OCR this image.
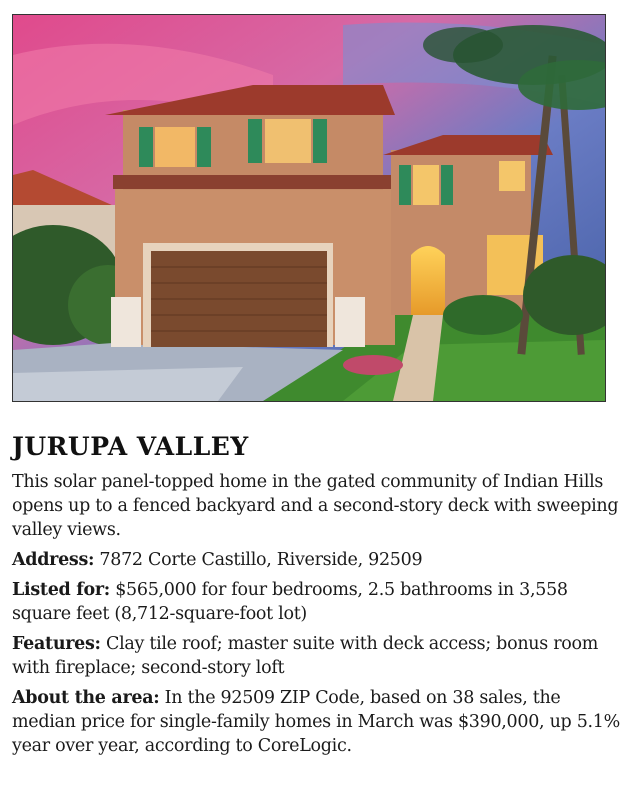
JURUPA VALLEY

This solar panel-topped home in the gated community of Indian Hills opens up to a fenced backyard and a second-story deck with sweeping valley views.

Address: 7872 Corte Castillo, Riverside, 92509

Listed for: $565,000 for four bedrooms, 2.5 bathrooms in 3,558 square feet (8,712-square-foot lot)

Features: Clay tile roof; master suite with deck access; bonus room with fireplace; second-story loft

About the area: In the 92509 ZIP Code, based on 38 sales, the median price for single-family homes in March was $390,000, up 5.1% year over year, according to CoreLogic.
